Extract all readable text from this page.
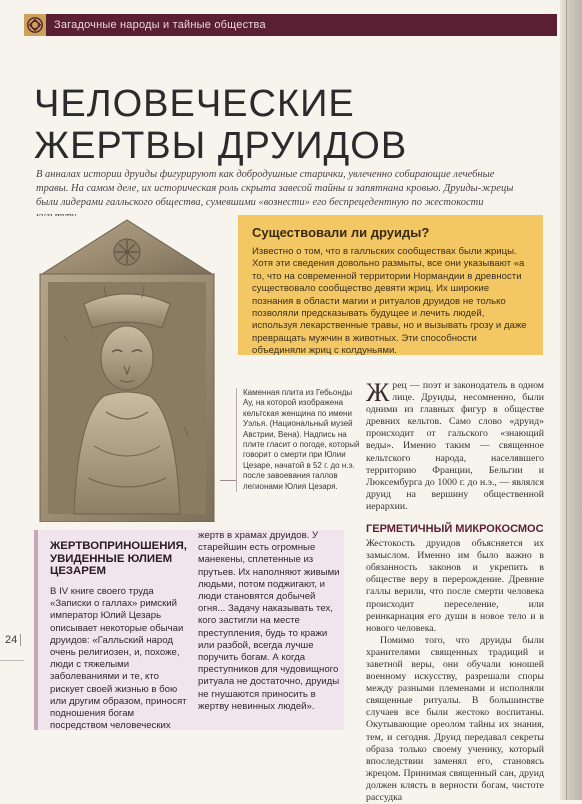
Загадочные народы и тайные общества
ЧЕЛОВЕЧЕСКИЕ ЖЕРТВЫ ДРУИДОВ

В анналах истории друиды фигурируют как добродушные старички, увлеченно собирающие лечебные травы. На самом деле, их историческая роль скрыта завесой тайны и запятнана кровью. Друиды-жрецы были лидерами галльского общества, сумевшими «вознести» его беспрецедентную по жестокости

Существовали ли друиды?

Известно о том, что в галльских сообществах были жрицы. Хотя эти сведения довольно размыты, все они указывают «а то, что на современной территории Нормандии в древности существовало сообщество девяти жриц. Их широкие познания в области магии и ритуалов друидов не только позволяли предсказывать будущее и лечить людей, используя лекарственные травы, но и вызывать грозу и даже превращать мужчин в животных. Эти способности объединяли жриц с колдуньями.

Каменная плита из Гебьонды Ау, на которой изображена кельтская женщина по имени Уэлья. (Национальный музей Австрии, Вена). Надпись на плите гласит о погоде, который говорит о смерти при Юлии Цезаре, начатой в 52 г. до н.э. после завоевания галлов легионами Юлия Цезаря.

Жрец — поэт и законодатель в одном лице. Друиды, несомненно, были одними из главных фигур в обществе древних кельтов. Само слово «друид» происходит от гальского «знающий веды». Именно таким — священное кельтского народа, населявшего территорию Франции, Бельгии и Люксембурга до 1000 г. до н.э., — являлся друид на вершину общественной иерархии.

ГЕРМЕТИЧНЫЙ МИКРОКОСМОС

Жестокость друидов объясняется их замыслом. Именно им было важно в обязанность законов и укрепить в обществе веру в перерождение. Древние галлы верили, что после смерти человека происходит переселение, или реинкарнация его души в новое тело и в нового человека.

Помимо того, что друиды были хранителями священных традиций и заветной веры, они обучали юношей военному искусству, разрешали споры между разными племенами и исполняли священные ритуалы. В большинстве случаев все были жестоко воспитаны. Окутывающие ореолом тайны их знания, тем, и сегодня. Друид передавал секреты образа только своему ученику, который впоследствии заменял его, становясь жрецом. Принимая священный сан, друид должен клясть в верности богам, чистоте рассудка

ЖЕРТВОПРИНОШЕНИЯ, УВИДЕННЫЕ ЮЛИЕМ ЦЕЗАРЕМ
В IV книге своего труда «Записки о галлах» римский император Юлий Цезарь описывает некоторые обычаи друидов: «Галльский народ очень религиозен, и, похоже, люди с тяжелыми заболеваниями и те, кто рискует своей жизнью в бою или другим образом, приносят подношения богам посредством человеческих
жертв в храмах друидов. У старейшин есть огромные манекены, сплетенные из прутьев. Их наполняют живыми людьми, потом поджигают, и люди становятся добычей огня... Задачу наказывать тех, кого застигли на месте преступления, будь то кражи или разбой, всегда лучше поручить богам. А когда преступников для чудовищного ритуала не достаточно, друиды не гнушаются приносить в жертву невинных людей».
24
